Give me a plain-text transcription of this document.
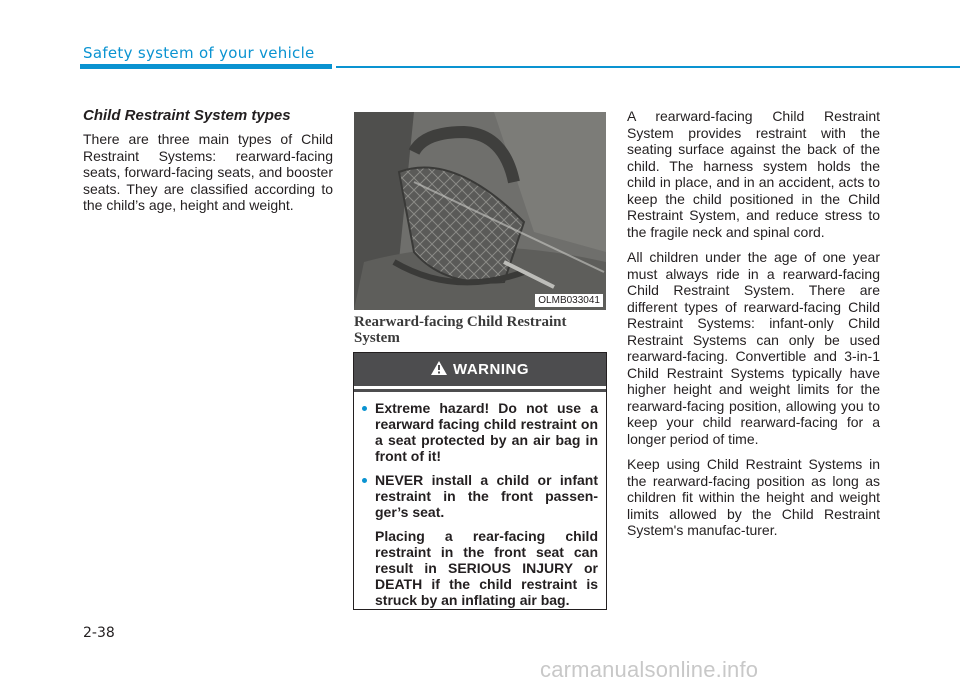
Safety system of your vehicle
Child Restraint System types

There are three main types of Child Restraint Systems: rearward-facing seats, forward-facing seats, and booster seats. They are classified according to the child’s age, height and weight.

OLMB033041
Rearward-facing Child Restraint System
WARNING
Extreme hazard! Do not use a rearward facing child restraint on a seat protected by an air bag in front of it!
NEVER install a child or infant restraint in the front passen-ger’s seat.

Placing a rear-facing child restraint in the front seat can result in SERIOUS INJURY or DEATH if the child restraint is struck by an inflating air bag.

A rearward-facing Child Restraint System provides restraint with the seating surface against the back of the child. The harness system holds the child in place, and in an accident, acts to keep the child positioned in the Child Restraint System, and reduce stress to the fragile neck and spinal cord.

All children under the age of one year must always ride in a rearward-facing Child Restraint System. There are different types of rearward-facing Child Restraint Systems: infant-only Child Restraint Systems can only be used rearward-facing. Convertible and 3-in-1 Child Restraint Systems typically have higher height and weight limits for the rearward-facing position, allowing you to keep your child rearward-facing for a longer period of time.

Keep using Child Restraint Systems in the rearward-facing position as long as children fit within the height and weight limits allowed by the Child Restraint System's manufac-turer.

2-38
carmanualsonline.info
